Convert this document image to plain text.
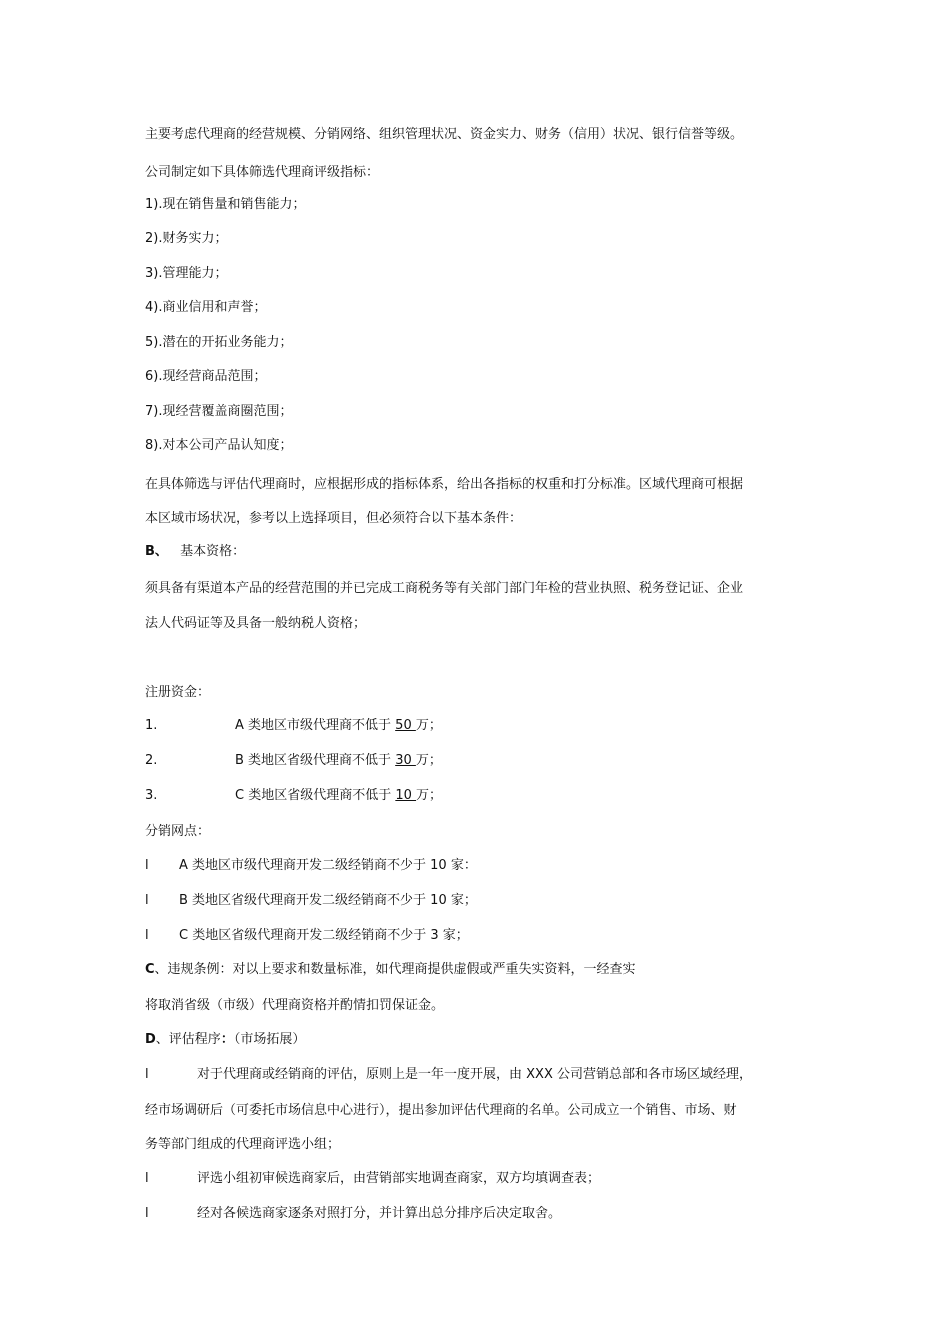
主要考虑代理商的经营规模、分销网络、组织管理状况、资金实力、财务（信用）状况、银行信誉等级。
公司制定如下具体筛选代理商评级指标：
1).现在销售量和销售能力；
2).财务实力；
3).管理能力；
4).商业信用和声誉；
5).潜在的开拓业务能力；
6).现经营商品范围；
7).现经营覆盖商圈范围；
8).对本公司产品认知度；
在具体筛选与评估代理商时，应根据形成的指标体系，给出各指标的权重和打分标准。区域代理商可根据
本区域市场状况，参考以上选择项目，但必须符合以下基本条件：
B、 基本资格：
须具备有渠道本产品的经营范围的并已完成工商税务等有关部门部门年检的营业执照、税务登记证、企业
法人代码证等及具备一般纳税人资格；
注册资金：
1.	A 类地区市级代理商不低于 50 万；
2.	B 类地区省级代理商不低于 30 万；
3.	C 类地区省级代理商不低于 10 万；
分销网点：
l A 类地区市级代理商开发二级经销商不少于 10 家：
l B 类地区省级代理商开发二级经销商不少于 10 家；
l C 类地区省级代理商开发二级经销商不少于 3 家；
C、违规条例：对以上要求和数量标准，如代理商提供虚假或严重失实资料，一经查实
将取消省级（市级）代理商资格并酌情扣罚保证金。
D、评估程序：（市场拓展）
l	对于代理商或经销商的评估，原则上是一年一度开展，由 XXX 公司营销总部和各市场区域经理，
经市场调研后（可委托市场信息中心进行），提出参加评估代理商的名单。公司成立一个销售、市场、财
务等部门组成的代理商评选小组；
l	评选小组初审候选商家后，由营销部实地调查商家，双方均填调查表；
l	经对各候选商家逐条对照打分，并计算出总分排序后决定取舍。
